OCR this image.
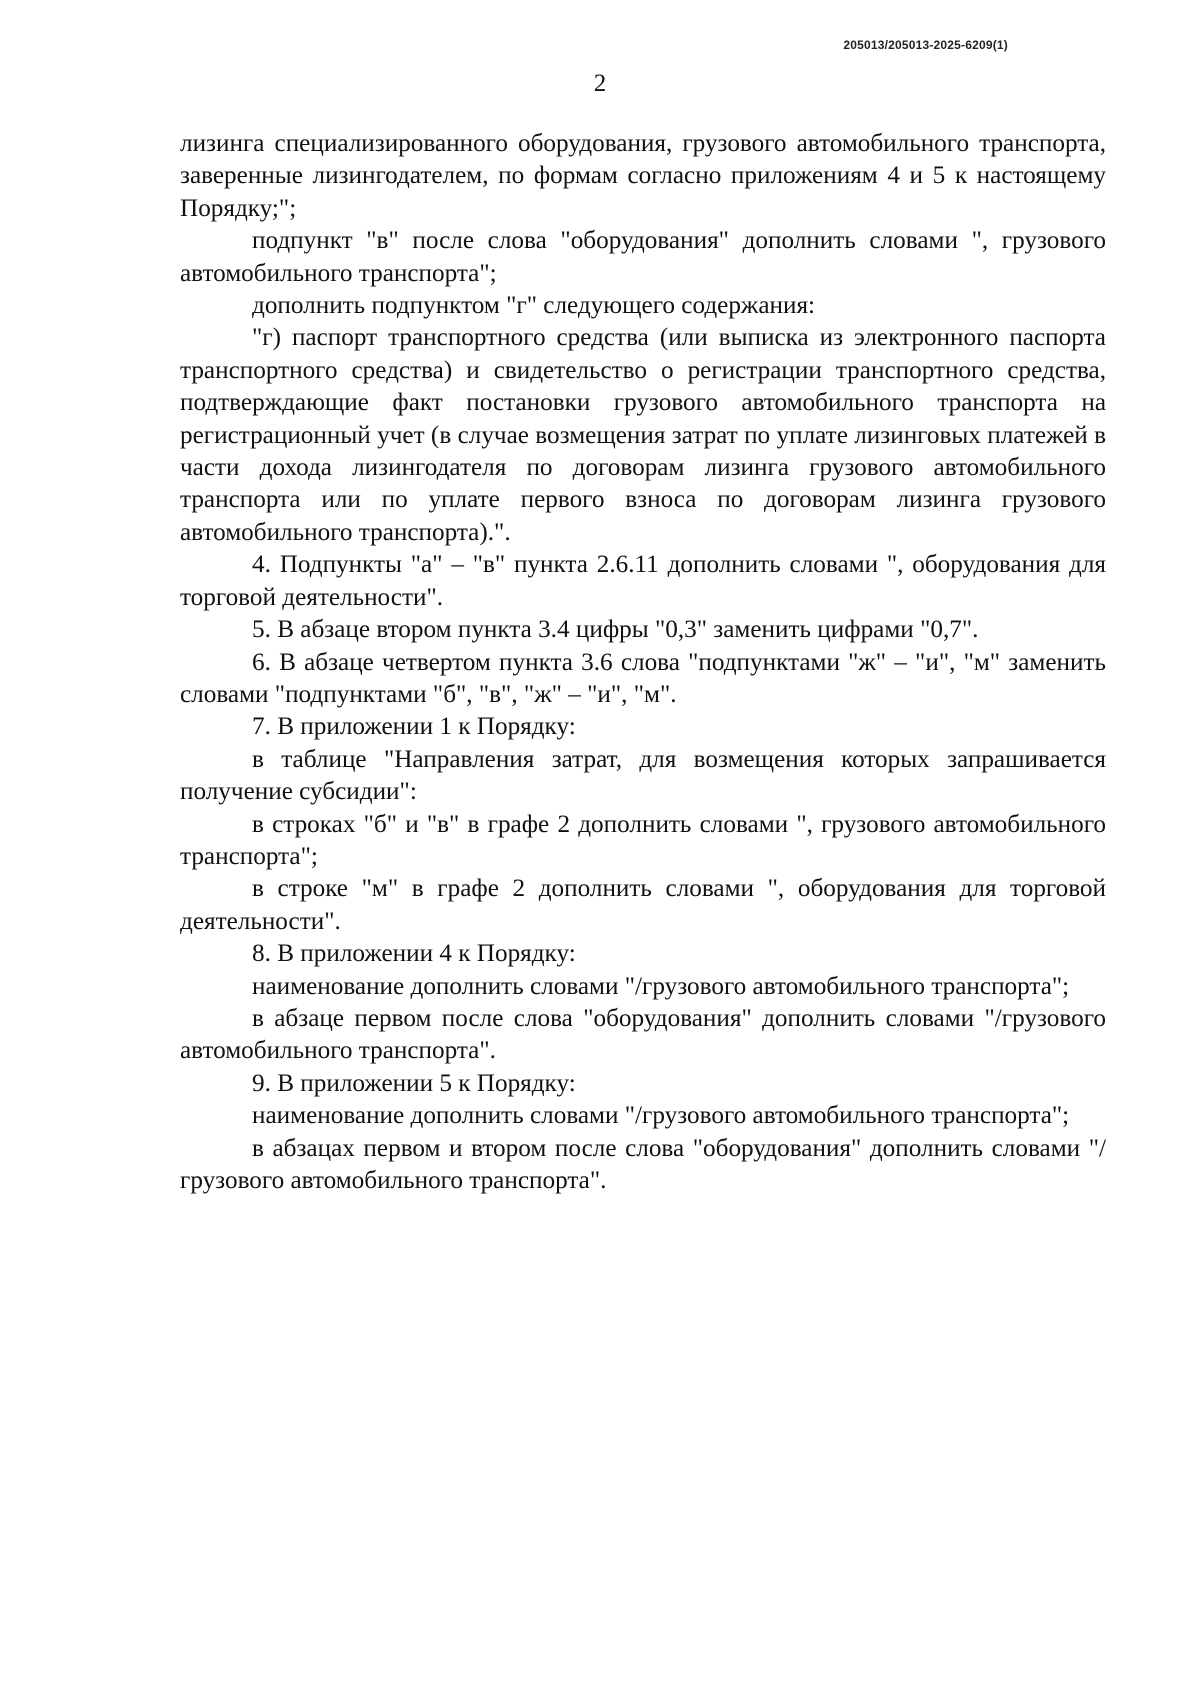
205013/205013-2025-6209(1)
2

лизинга специализированного оборудования, грузового автомобильного транспорта, заверенные лизингодателем, по формам согласно приложениям 4 и 5 к настоящему Порядку;";

подпункт "в" после слова "оборудования" дополнить словами ", грузового автомобильного транспорта";

дополнить подпунктом "г" следующего содержания:

"г) паспорт транспортного средства (или выписка из электронного паспорта транспортного средства) и свидетельство о регистрации транспортного средства, подтверждающие факт постановки грузового автомобильного транспорта на регистрационный учет (в случае возмещения затрат по уплате лизинговых платежей в части дохода лизингодателя по договорам лизинга грузового автомобильного транспорта или по уплате первого взноса по договорам лизинга грузового автомобильного транспорта).".

4. Подпункты "а" – "в" пункта 2.6.11 дополнить словами ", оборудования для торговой деятельности".

5. В абзаце втором пункта 3.4 цифры "0,3" заменить цифрами "0,7".

6. В абзаце четвертом пункта 3.6 слова "подпунктами "ж" – "и", "м" заменить словами "подпунктами "б", "в", "ж" – "и", "м".

7. В приложении 1 к Порядку:

в таблице "Направления затрат, для возмещения которых запрашивается получение субсидии":

в строках "б" и "в" в графе 2 дополнить словами ", грузового автомобильного транспорта";

в строке "м" в графе 2 дополнить словами ", оборудования для торговой деятельности".

8. В приложении 4 к Порядку:

наименование дополнить словами "/грузового автомобильного транспорта";

в абзаце первом после слова "оборудования" дополнить словами "/грузового автомобильного транспорта".

9. В приложении 5 к Порядку:

наименование дополнить словами "/грузового автомобильного транспорта";

в абзацах первом и втором после слова "оборудования" дополнить словами "/грузового автомобильного транспорта".
